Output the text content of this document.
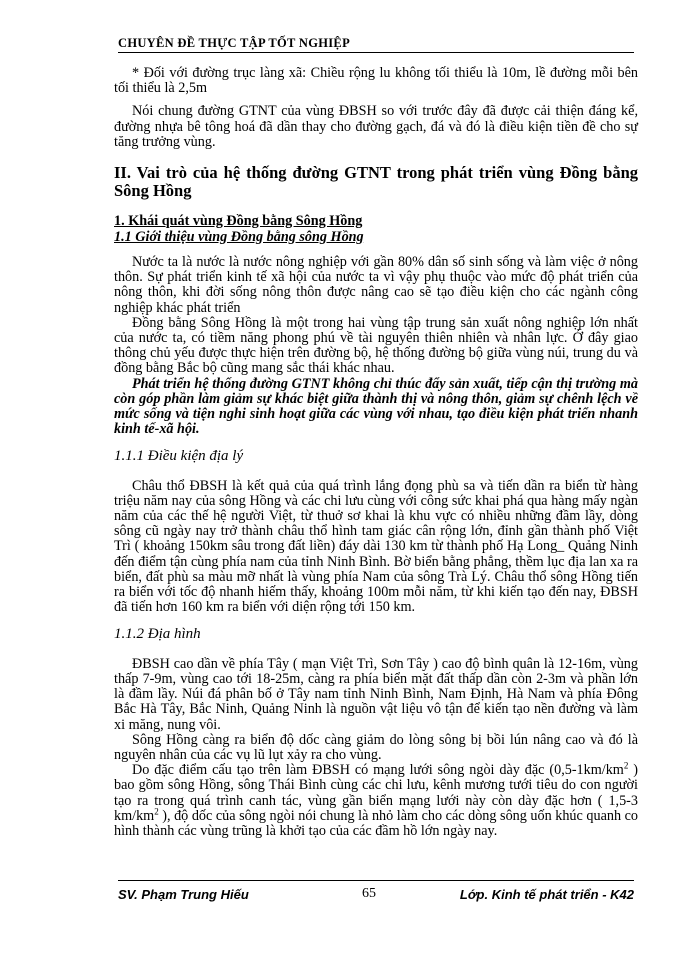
CHUYÊN ĐỀ THỰC TẬP TỐT NGHIỆP

* Đối với đường trục làng xã: Chiều rộng lu không tối thiểu là 10m, lề đường mỗi bên tối thiểu là 2,5m

Nói chung đường GTNT của vùng ĐBSH so với trước đây đã được cải thiện đáng kể, đường nhựa bê tông hoá đã dần thay cho đường gạch, đá và đó là điều kiện tiền đề cho sự tăng trưởng vùng.

II. Vai trò của hệ thống đường GTNT trong phát triển vùng Đồng bằng Sông Hồng
1. Khái quát vùng Đồng bằng Sông Hồng
1.1 Giới thiệu vùng Đồng bằng sông Hồng

Nước ta là nước là nước nông nghiệp với gần 80% dân số sinh sống và làm việc ở nông thôn. Sự phát triển kinh tế xã hội của nước ta vì vậy phụ thuộc vào mức độ phát triển của nông thôn, khi đời sống nông thôn được nâng cao sẽ tạo điều kiện cho các ngành công nghiệp khác phát triển

Đồng bằng Sông Hồng là một trong hai vùng tập trung sản xuất nông nghiệp lớn nhất của nước ta, có tiềm năng phong phú về tài nguyên thiên nhiên và nhân lực. Ở đây giao thông chủ yếu được thực hiện trên đường bộ, hệ thống đường bộ giữa vùng núi, trung du và đồng bằng Bắc bộ cũng mang sắc thái khác nhau.

Phát triển hệ thống đường GTNT không chỉ thúc đẩy sản xuất, tiếp cận thị trường mà còn góp phần làm giảm sự khác biệt giữa thành thị và nông thôn, giảm sự chênh lệch về mức sống và tiện nghi sinh hoạt giữa các vùng với nhau, tạo điều kiện phát triển nhanh kinh tế-xã hội.

1.1.1 Điều kiện địa lý

Châu thổ ĐBSH là kết quả của quá trình lắng đọng phù sa và tiến dần ra biển từ hàng triệu năm nay của sông Hồng và các chi lưu cùng với công sức khai phá qua hàng mấy ngàn năm của các thế hệ người Việt, từ thuở sơ khai là khu vực có nhiều những đầm lầy, dòng sông cũ ngày nay trở thành châu thổ hình tam giác cân rộng lớn, đỉnh gần thành phố Việt Trì ( khoảng 150km sâu trong đất liền) đáy dài 130 km từ thành phố Hạ Long_ Quảng Ninh đến điểm tận cùng phía nam của tỉnh Ninh Bình. Bờ biển bằng phẳng, thềm lục địa lan xa ra biển, đất phù sa màu mỡ nhất là vùng phía Nam của sông Trà Lý. Châu thổ sông Hồng tiến ra biển với tốc độ nhanh hiếm thấy, khoảng 100m mỗi năm, từ khi kiến tạo đến nay, ĐBSH đã tiến hơn 160 km ra biển với diện rộng tới 150 km.

1.1.2 Địa hình

ĐBSH cao dần về phía Tây ( mạn Việt Trì, Sơn Tây ) cao độ bình quân là 12-16m, vùng thấp 7-9m, vùng cao tới 18-25m, càng ra phía biển mặt đất thấp dần còn 2-3m và phần lớn là đầm lầy. Núi đá phân bố ở Tây nam tỉnh Ninh Bình, Nam Định, Hà Nam và phía Đông Bắc Hà Tây, Bắc Ninh, Quảng Ninh là nguồn vật liệu vô tận để kiến tạo nền đường và làm xi măng, nung vôi.

Sông Hồng càng ra biển độ dốc càng giảm do lòng sông bị bồi lún nâng cao và đó là nguyên nhân của các vụ lũ lụt xảy ra cho vùng.

Do đặc điểm cấu tạo trên làm ĐBSH có mạng lưới sông ngòi dày đặc ($0,5-1km/km^2$ ) bao gồm sông Hồng, sông Thái Bình cùng các chi lưu, kênh mương tưới tiêu do con người tạo ra trong quá trình canh tác, vùng gần biển mạng lưới này còn dày đặc hơn ( 1,5-3 $km/km^2$ ), độ dốc của sông ngòi nói chung là nhỏ làm cho các dòng sông uốn khúc quanh co hình thành các vùng trũng là khởi tạo của các đầm hồ lớn ngày nay.

SV. Phạm Trung Hiếu	65	Lớp. Kinh tế phát triển - K42
